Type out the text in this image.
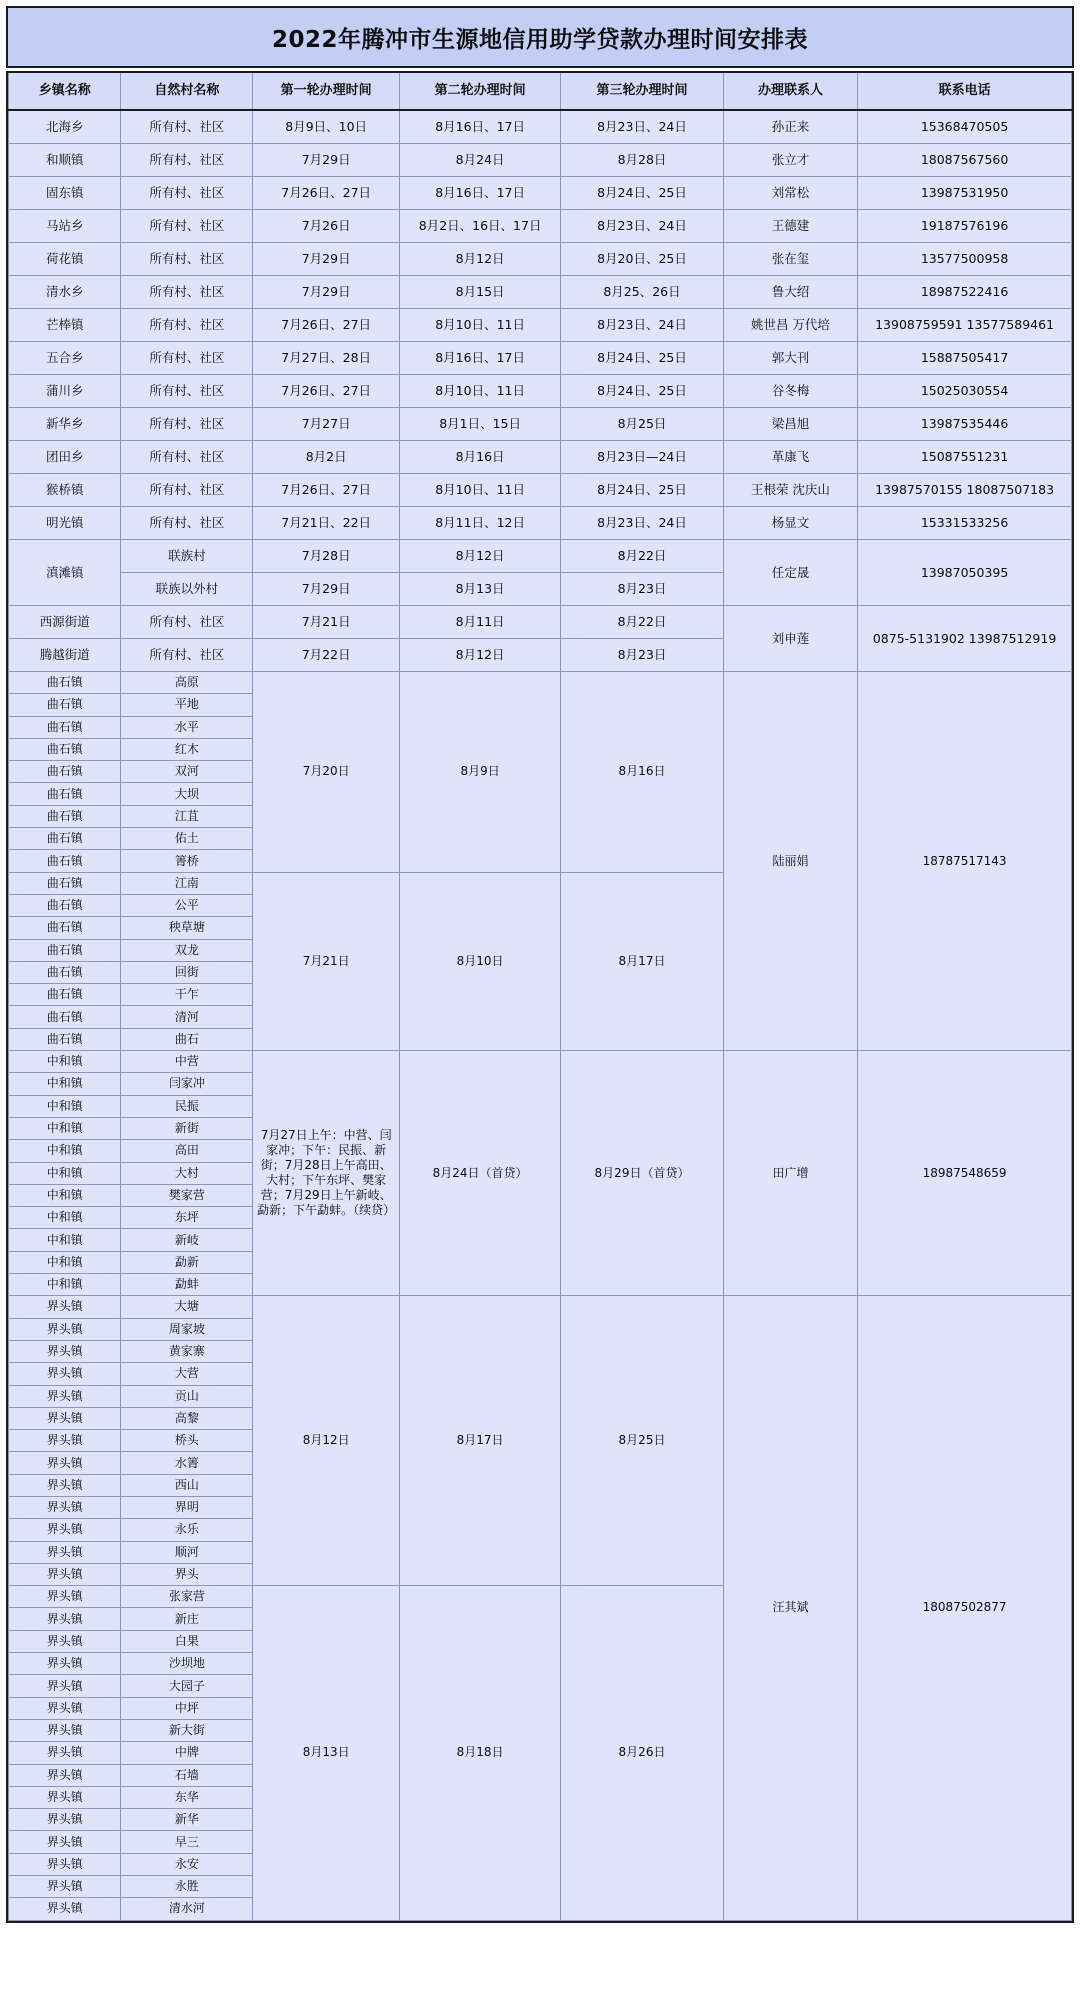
2022年腾冲市生源地信用助学贷款办理时间安排表
乡镇名称	自然村名称	第一轮办理时间	第二轮办理时间	第三轮办理时间	办理联系人	联系电话
北海乡	所有村、社区	8月9日、10日	8月16日、17日	8月23日、24日	孙正来	15368470505
和顺镇	所有村、社区	7月29日	8月24日	8月28日	张立才	18087567560
固东镇	所有村、社区	7月26日、27日	8月16日、17日	8月24日、25日	刘常松	13987531950
马站乡	所有村、社区	7月26日	8月2日、16日、17日	8月23日、24日	王德建	19187576196
荷花镇	所有村、社区	7月29日	8月12日	8月20日、25日	张在玺	13577500958
清水乡	所有村、社区	7月29日	8月15日	8月25、26日	鲁大绍	18987522416
芒棒镇	所有村、社区	7月26日、27日	8月10日、11日	8月23日、24日	姚世昌 万代培	13908759591 13577589461
五合乡	所有村、社区	7月27日、28日	8月16日、17日	8月24日、25日	郭大刊	15887505417
蒲川乡	所有村、社区	7月26日、27日	8月10日、11日	8月24日、25日	谷冬梅	15025030554
新华乡	所有村、社区	7月27日	8月1日、15日	8月25日	梁昌旭	13987535446
团田乡	所有村、社区	8月2日	8月16日	8月23日—24日	革康飞	15087551231
猴桥镇	所有村、社区	7月26日、27日	8月10日、11日	8月24日、25日	王根荣 沈庆山	13987570155 18087507183
明光镇	所有村、社区	7月21日、22日	8月11日、12日	8月23日、24日	杨显文	15331533256
滇滩镇	联族村	7月28日	8月12日	8月22日	任定晟	13987050395
	联族以外村	7月29日	8月13日	8月23日		
西源街道	所有村、社区	7月21日	8月11日	8月22日	刘申莲	0875-5131902 13987512919
腾越街道	所有村、社区	7月22日	8月12日	8月23日		
曲石镇	高原	7月20日	8月9日	8月16日	陆丽娟	18787517143
曲石镇	平地					
曲石镇	水平					
曲石镇	红木					
曲石镇	双河					
曲石镇	大坝					
曲石镇	江苴					
曲石镇	佑土					
曲石镇	箐桥					
曲石镇	江南	7月21日	8月10日	8月17日		
曲石镇	公平					
曲石镇	秧草塘					
曲石镇	双龙					
曲石镇	回街					
曲石镇	干乍					
曲石镇	清河					
曲石镇	曲石					
中和镇	中营	7月27日上午：中营、闫家冲；下午：民振、新街；7月28日上午高田、大村；下午东坪、樊家营；7月29日上午新岐、勐新；下午勐蚌。（续贷）	8月24日（首贷）	8月29日（首贷）	田广增	18987548659
中和镇	闫家冲					
中和镇	民振					
中和镇	新街					
中和镇	高田					
中和镇	大村					
中和镇	樊家营					
中和镇	东坪					
中和镇	新岐					
中和镇	勐新					
中和镇	勐蚌					
界头镇	大塘	8月12日	8月17日	8月25日	汪其斌	18087502877
界头镇	周家坡					
界头镇	黄家寨					
界头镇	大营					
界头镇	贡山					
界头镇	高黎					
界头镇	桥头					
界头镇	水箐					
界头镇	西山					
界头镇	界明					
界头镇	永乐					
界头镇	顺河					
界头镇	界头					
界头镇	张家营	8月13日	8月18日	8月26日		
界头镇	新庄					
界头镇	白果					
界头镇	沙坝地					
界头镇	大园子					
界头镇	中坪					
界头镇	新大街					
界头镇	中牌					
界头镇	石墙					
界头镇	东华					
界头镇	新华					
界头镇	早三					
界头镇	永安					
界头镇	永胜					
界头镇	清水河					
